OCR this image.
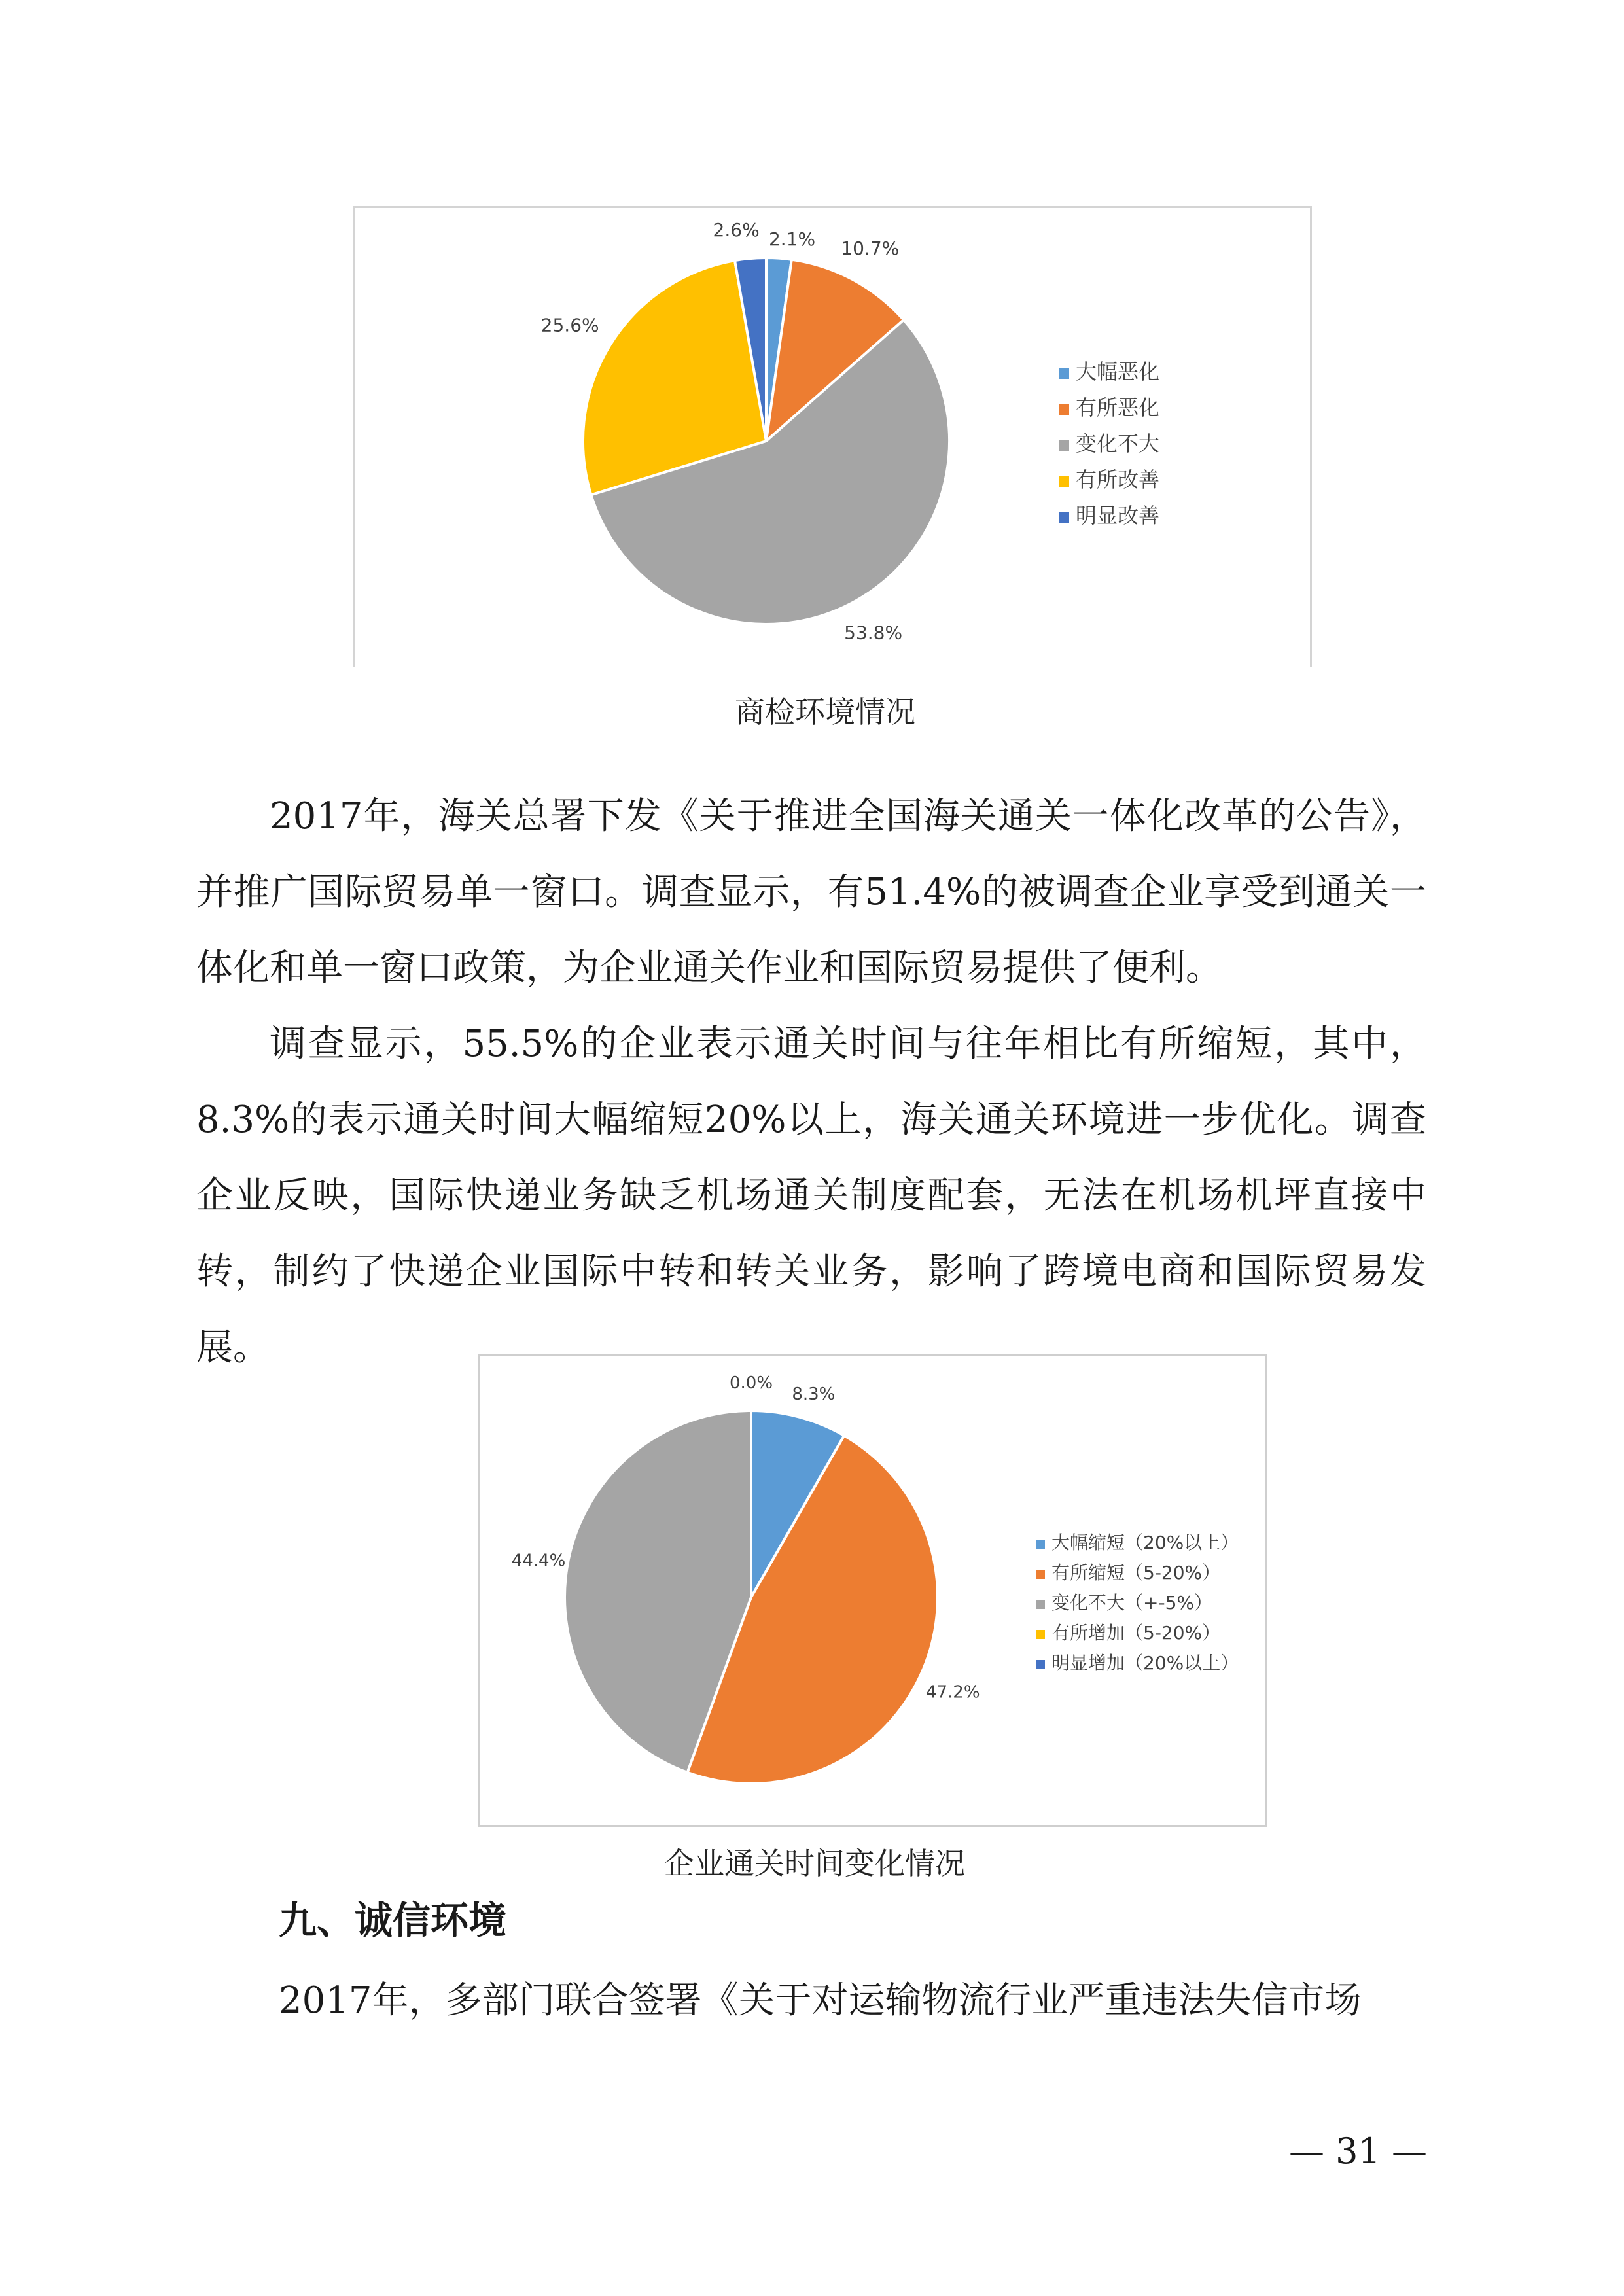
2.1% 10.7%
53.8%
25.6%
2.6%
大幅恶化
有所恶化
变化不大
有所改善
明显改善
商检环境情况

2017年，海关总署下发《关于推进全国海关通关一体化改革的公告》，并推广国际贸易单一窗口。调查显示，有51.4%的被调查企业享受到通关一体化和单一窗口政策，为企业通关作业和国际贸易提供了便利。

调查显示，55.5%的企业表示通关时间与往年相比有所缩短，其中，8.3%的表示通关时间大幅缩短20%以上，海关通关环境进一步优化。调查企业反映，国际快递业务缺乏机场通关制度配套，无法在机场机坪直接中转，制约了快递企业国际中转和转关业务，影响了跨境电商和国际贸易发展。

8.3%
47.2%
44.4%
0.0%
大幅缩短（20%以上）
有所缩短（5-20%）
变化不大（+-5%）
有所增加（5-20%）
明显增加（20%以上）
企业通关时间变化情况
九、诚信环境

2017年，多部门联合签署《关于对运输物流行业严重违法失信市场

— 31 —
